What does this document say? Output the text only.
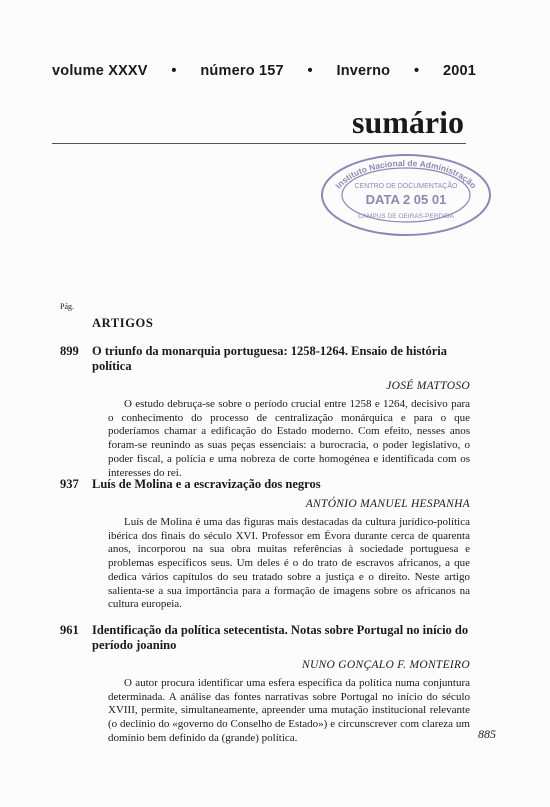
volume XXXV • número 157 • Inverno • 2001
sumário
Instituto Nacional de Administração
CENTRO DE DOCUMENTAÇÃO
DATA 2 05 01
CAMPUS DE OEIRAS-PERDIDA
Pág.
ARTIGOS
899	O triunfo da monarquia portuguesa: 1258-1264. Ensaio de história política
JOSÉ MATTOSO
O estudo debruça-se sobre o período crucial entre 1258 e 1264, decisivo para o conhecimento do processo de centralização monárquica e para o que poderíamos chamar a edificação do Estado moderno. Com efeito, nesses anos foram-se reunindo as suas peças essenciais: a burocracia, o poder legislativo, o poder fiscal, a polícia e uma nobreza de corte homogénea e identificada com os interesses do rei.
937	Luís de Molina e a escravização dos negros
ANTÓNIO MANUEL HESPANHA
Luís de Molina é uma das figuras mais destacadas da cultura jurídico-política ibérica dos finais do século XVI. Professor em Évora durante cerca de quarenta anos, incorporou na sua obra muitas referências à sociedade portuguesa e problemas específicos seus. Um deles é o do trato de escravos africanos, a que dedica vários capítulos do seu tratado sobre a justiça e o direito. Neste artigo salienta-se a sua importância para a formação de imagens sobre os africanos na cultura europeia.
961	Identificação da política setecentista. Notas sobre Portugal no início do período joanino
NUNO GONÇALO F. MONTEIRO
O autor procura identificar uma esfera específica da política numa conjuntura determinada. A análise das fontes narrativas sobre Portugal no início do século XVIII, permite, simultaneamente, apreender uma mutação institucional relevante (o declínio do «governo do Conselho de Estado») e circunscrever com clareza um domínio bem definido da (grande) política.	885
